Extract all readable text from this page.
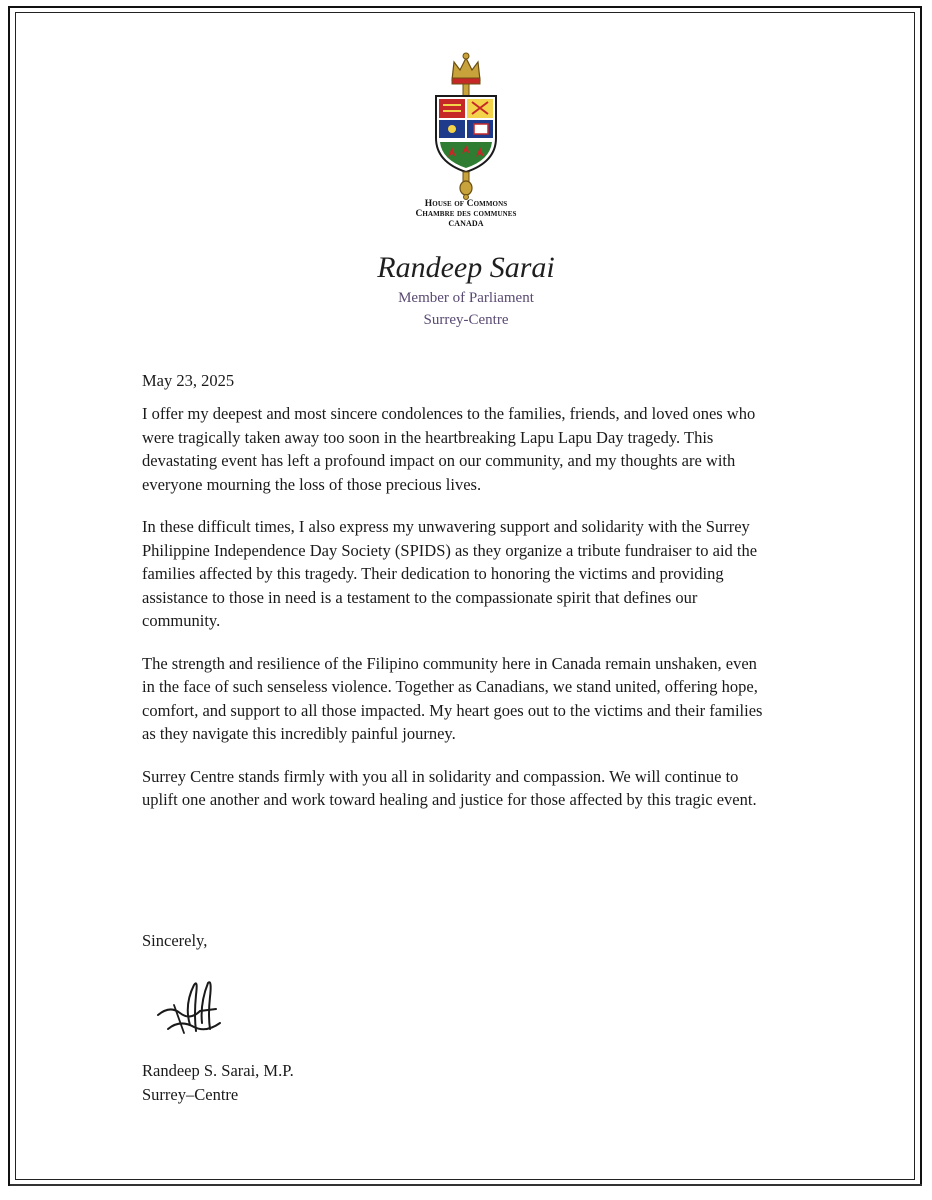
House of Commons
Chambre des communes
CANADA
Randeep Sarai
Member of Parliament
Surrey-Centre
May 23, 2025

I offer my deepest and most sincere condolences to the families, friends, and loved ones who were tragically taken away too soon in the heartbreaking Lapu Lapu Day tragedy. This devastating event has left a profound impact on our community, and my thoughts are with everyone mourning the loss of those precious lives.

In these difficult times, I also express my unwavering support and solidarity with the Surrey Philippine Independence Day Society (SPIDS) as they organize a tribute fundraiser to aid the families affected by this tragedy. Their dedication to honoring the victims and providing assistance to those in need is a testament to the compassionate spirit that defines our community.

The strength and resilience of the Filipino community here in Canada remain unshaken, even in the face of such senseless violence. Together as Canadians, we stand united, offering hope, comfort, and support to all those impacted. My heart goes out to the victims and their families as they navigate this incredibly painful journey.

Surrey Centre stands firmly with you all in solidarity and compassion. We will continue to uplift one another and work toward healing and justice for those affected by this tragic event.

Sincerely,
Randeep S. Sarai, M.P.
Surrey–Centre
